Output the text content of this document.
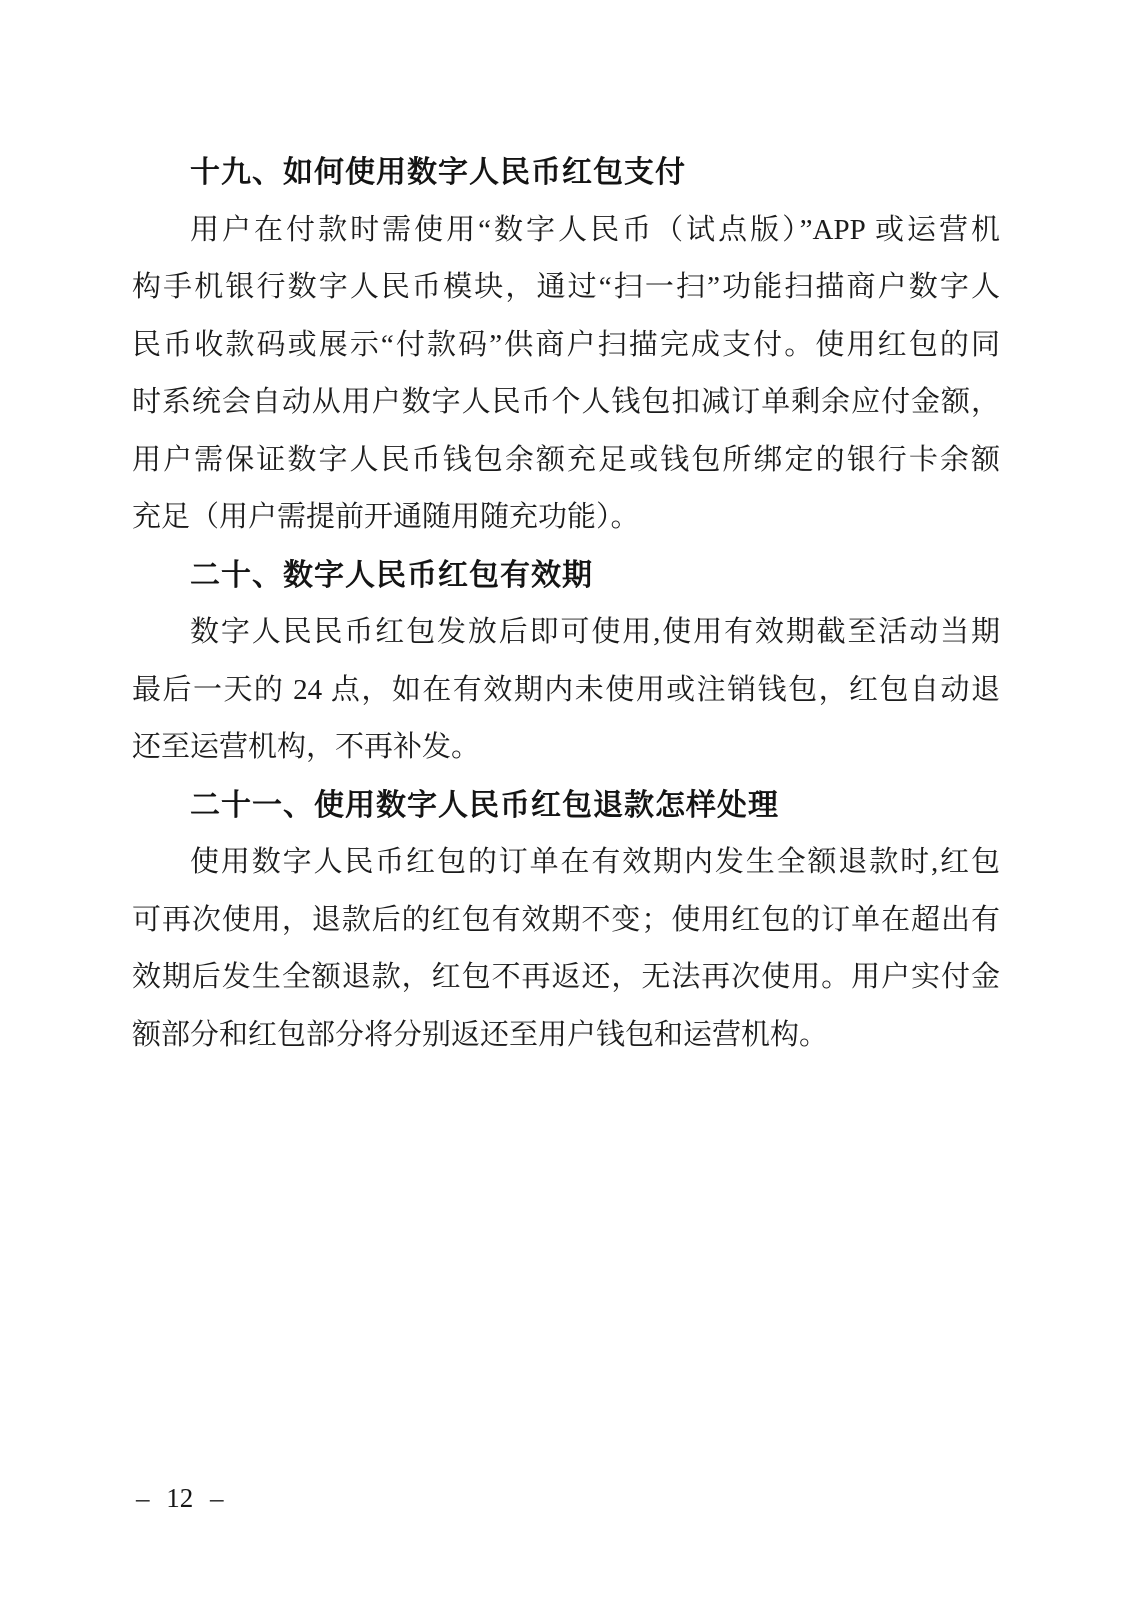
十九、如何使用数字人民币红包支付
用户在付款时需使用“数字人民币（试点版）”APP 或运营机
构手机银行数字人民币模块，通过“扫一扫”功能扫描商户数字人
民币收款码或展示“付款码”供商户扫描完成支付。使用红包的同
时系统会自动从用户数字人民币个人钱包扣减订单剩余应付金额，
用户需保证数字人民币钱包余额充足或钱包所绑定的银行卡余额
充足（用户需提前开通随用随充功能）。
二十、数字人民币红包有效期
数字人民民币红包发放后即可使用,使用有效期截至活动当期
最后一天的 24 点，如在有效期内未使用或注销钱包，红包自动退
还至运营机构，不再补发。
二十一、使用数字人民币红包退款怎样处理
使用数字人民币红包的订单在有效期内发生全额退款时,红包
可再次使用，退款后的红包有效期不变；使用红包的订单在超出有
效期后发生全额退款，红包不再返还，无法再次使用。用户实付金
额部分和红包部分将分别返还至用户钱包和运营机构。
– 12 –
